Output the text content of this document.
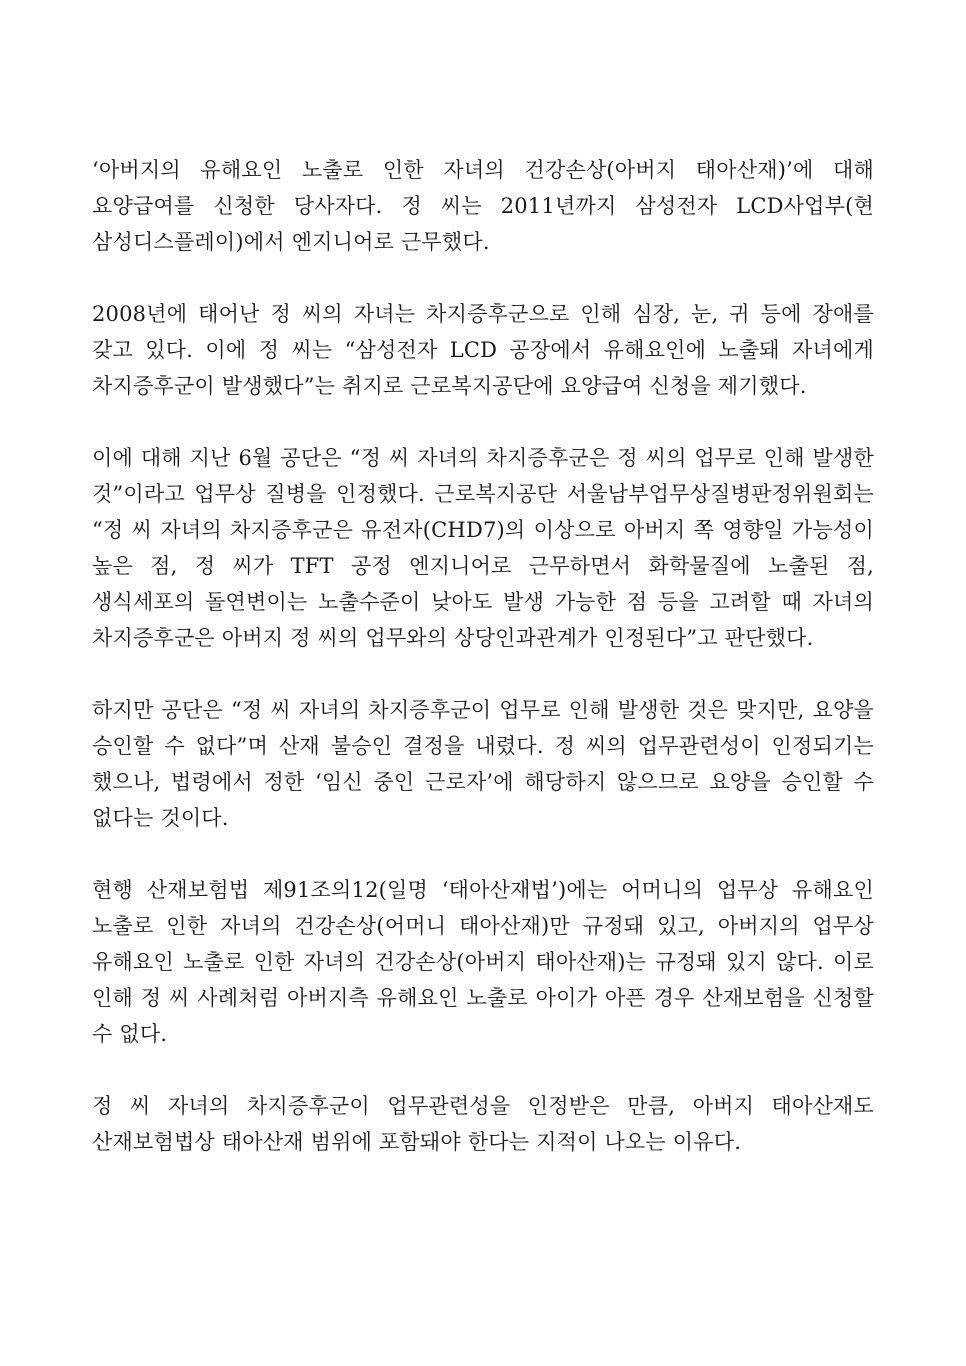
‘아버지의 유해요인 노출로 인한 자녀의 건강손상(아버지 태아산재)’에 대해 요양급여를 신청한 당사자다. 정 씨는 2011년까지 삼성전자 LCD사업부(현 삼성디스플레이)에서 엔지니어로 근무했다.

2008년에 태어난 정 씨의 자녀는 차지증후군으로 인해 심장, 눈, 귀 등에 장애를 갖고 있다. 이에 정 씨는 “삼성전자 LCD 공장에서 유해요인에 노출돼 자녀에게 차지증후군이 발생했다”는 취지로 근로복지공단에 요양급여 신청을 제기했다.

이에 대해 지난 6월 공단은 “정 씨 자녀의 차지증후군은 정 씨의 업무로 인해 발생한 것”이라고 업무상 질병을 인정했다. 근로복지공단 서울남부업무상질병판정위원회는 “정 씨 자녀의 차지증후군은 유전자(CHD7)의 이상으로 아버지 쪽 영향일 가능성이 높은 점, 정 씨가 TFT 공정 엔지니어로 근무하면서 화학물질에 노출된 점, 생식세포의 돌연변이는 노출수준이 낮아도 발생 가능한 점 등을 고려할 때 자녀의 차지증후군은 아버지 정 씨의 업무와의 상당인과관계가 인정된다”고 판단했다.

하지만 공단은 “정 씨 자녀의 차지증후군이 업무로 인해 발생한 것은 맞지만, 요양을 승인할 수 없다”며 산재 불승인 결정을 내렸다. 정 씨의 업무관련성이 인정되기는 했으나, 법령에서 정한 ‘임신 중인 근로자’에 해당하지 않으므로 요양을 승인할 수 없다는 것이다.

현행 산재보험법 제91조의12(일명 ‘태아산재법’)에는 어머니의 업무상 유해요인 노출로 인한 자녀의 건강손상(어머니 태아산재)만 규정돼 있고, 아버지의 업무상 유해요인 노출로 인한 자녀의 건강손상(아버지 태아산재)는 규정돼 있지 않다. 이로 인해 정 씨 사례처럼 아버지측 유해요인 노출로 아이가 아픈 경우 산재보험을 신청할 수 없다.

정 씨 자녀의 차지증후군이 업무관련성을 인정받은 만큼, 아버지 태아산재도 산재보험법상 태아산재 범위에 포함돼야 한다는 지적이 나오는 이유다.
